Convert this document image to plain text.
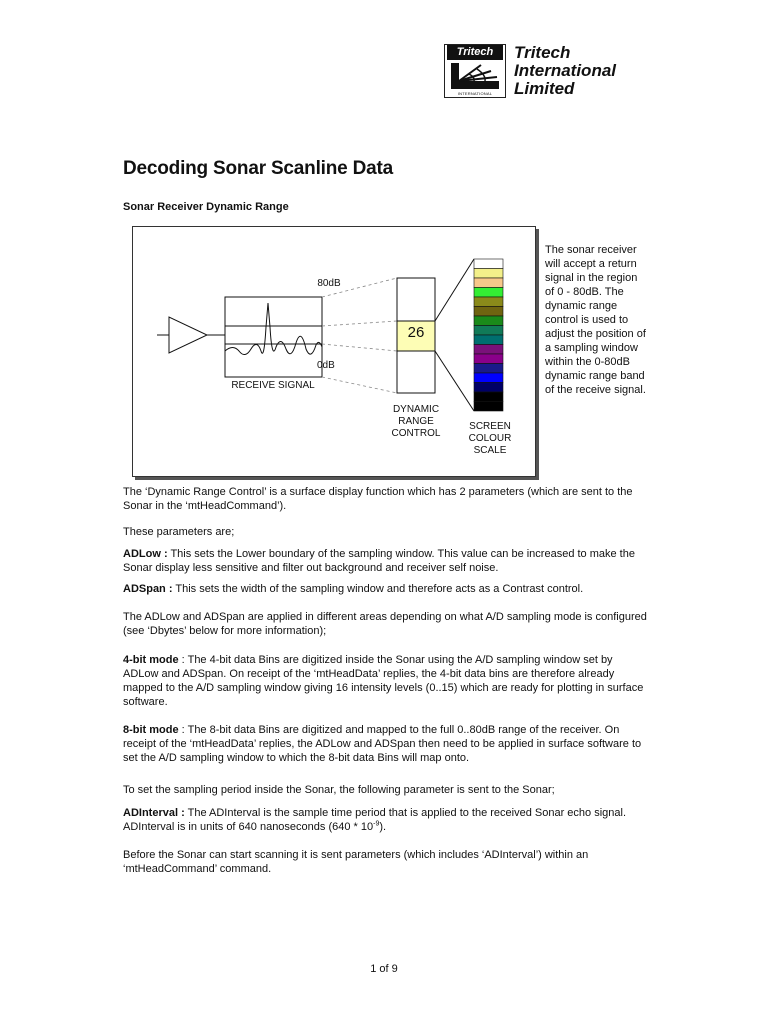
Tritech
INTERNATIONAL
Tritech
International
Limited
Decoding Sonar Scanline Data
Sonar Receiver Dynamic Range
80dB
0dB
RECEIVE SIGNAL
26
DYNAMIC
RANGE
CONTROL
SCREEN
COLOUR
SCALE
The sonar receiver will accept a return signal in the region of 0 - 80dB. The dynamic range control is used to adjust the position of a sampling window within the 0-80dB dynamic range band of the receive signal.

The ‘Dynamic Range Control’ is a surface display function which has 2 parameters (which are sent to the Sonar in the ‘mtHeadCommand’).

These parameters are;

ADLow : This sets the Lower boundary of the sampling window. This value can be increased to make the Sonar display less sensitive and filter out background and receiver self noise.

ADSpan : This sets the width of the sampling window and therefore acts as a Contrast control.

The ADLow and ADSpan are applied in different areas depending on what A/D sampling mode is configured (see ‘Dbytes’ below for more information);

4-bit mode : The 4-bit data Bins are digitized inside the Sonar using the A/D sampling window set by ADLow and ADSpan. On receipt of the ‘mtHeadData’ replies, the 4-bit data bins are therefore already mapped to the A/D sampling window giving 16 intensity levels (0..15) which are ready for plotting in surface software.

8-bit mode : The 8-bit data Bins are digitized and mapped to the full 0..80dB range of the receiver. On receipt of the ‘mtHeadData’ replies, the ADLow and ADSpan then need to be applied in surface software to set the A/D sampling window to which the 8-bit data Bins will map onto.

To set the sampling period inside the Sonar, the following parameter is sent to the Sonar;

ADInterval : The ADInterval is the sample time period that is applied to the received Sonar echo signal. ADInterval is in units of 640 nanoseconds $(640 * 10^{-9})$.

Before the Sonar can start scanning it is sent parameters (which includes ‘ADInterval’) within an ‘mtHeadCommand’ command.

1 of 9
